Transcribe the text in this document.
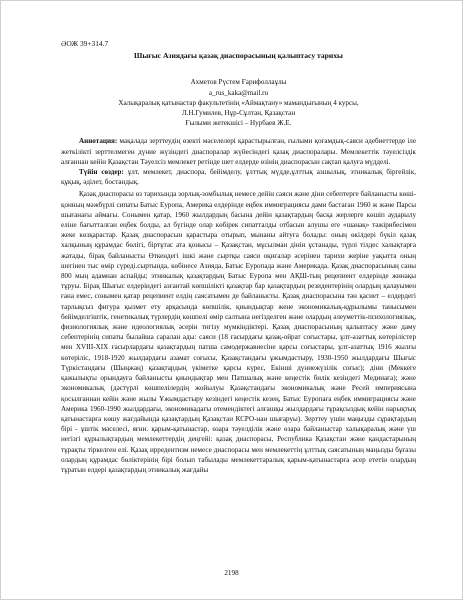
ӘОЖ 39+314.7
Шығыс Азиядағы қазақ диаспорасының қалыптасу тарихы
Ахметов Рүстем Ғарифоллаұлы
a_rus_kaka@mail.ru
Халықаралық қатынастар факультетінің «Аймақтану» мамандығының 4 курсы,
Л.Н.Гумилев, Нұр-Сұлтан, Қазақстан
Ғылыми жетекшісі – Нурбаев Ж.Е.

Аннотация: мақалада зерттеудің өзекті мәселелері қарастырылған, ғылыми қоғамдық-саяси әдебиеттерде іле жеткілікті зерттелмеген дүние жүзіндегі диаспоралар жүйесіндегі қазақ диаспоралары. Мемлекеттік тәуелсіздік алғаннан кейін Қазақстан Тәуелсіз мемлекет ретінде шет елдерде өзінің диаспорасын сақтап қалуға мүдделі.

Түйін сөздер: ұлт, мемлекет, диаспора, бейімделу, ұлттық мүдде,ұлттық азшылық, этникалық біргейлік, құқық, әділет, бостандық.

Қазақ диаспорасы өз тарихында зорлық-зомбылық немесе дейін саяси және діни себептерге байланысты көші-қонның мәжбүрлі сипаты Батыс Еуропа, Америка елдерінде еңбек иммиграциясы дами бастаған 1960 ж және Парсы шығанағы аймағы. Сонымен қатар, 1960 жылдардың басына дейін қазақтардың басқа жерлерге көшіп аударылу еліне бағытталған еңбек болды, ал бүгінде олар көбірек сипатталды отбасын алушы еге «шанақ» тәжірибесімен жеке көзқарастар. Қазақ диаспорасын қарастыра отырып, мынаны айтуға болады: оның өкілдері бүкіл қазақ халқының құрамдас бөлігі, біртұтас ата қонысы – Қазақстан, мұсылман дінін ұстанады, түрлі тілдес халықтарға жатады, бірақ байланысты Өткендегі ішкі және сыртқы саяси оқиғалар әсерінен тарихи жеріне уақытта оның шегінен тыс өмір сүреді.сыртында, көбінесе Азияда, Батыс Еуропада және Америкада. Қазақ диаспорасының саны 800 мың адамнан аспайды; этникалық қазақтардың Батыс Еуропа мен АҚШ-тың рецепиент елдерінде жинақы тұруы. Бірақ Шығыс елдеріндегі азғантай көпшілікті қазақтар бар қазақтардың резидентерінің олардың қалауымен ғана емес, сонымен қатар рецепиент елдің саясатымен де байланысты. Қазақ диаспорасына тән қасиет – елдердегі тарлықсыз фигура қызмет ету арқасында көпшілік, қиындықтар жене экономикалық-құрылымы танысымен бейімделгіштік, генетикалық түрлердің көшпелі өмір салтына негізделген және олардың әлеуметтік-психологиялық, физиологиялық және идеологиялық әсерін тигізу мүмкіндіктері. Қазақ диаспорасының қалыптасу және даму себептерінің сипаты былайша саралан ады: саяси (18 ғасырдағы қазақ-ойрат соғыстары, ұлт-азаттық көтерілістер мен XVIII-XIX ғасырлардағы қазақтардың патша самодержавиесіне қарсы соғыстары, ұлт-азаттық 1916 жылғы көтеріліс, 1918-1920 жылдардағы азамат соғысы, Қазақстандағы ұжымдастыру, 1930-1950 жылдардағы Шығыс Түркістандағы (Шыңжаң) қазақтардың үкіметке қарсы күрес, Екінші дүниежүзілік соғыс); діни (Меккеге қажылықты орындауға байланысты қиындықтар мен Патшалық және кеңестік билік кезіндегі Мединаға); және экономикалық (дәстүрлі көшпелілердің жойылуы Қазақстандағы экономикалық және Ресей империясына қосылғаннан кейін және жылы Ұжымдастыру кезіндегі кеңестік кезең, Батыс Еуропаға еңбек иммиграциясы және Америка 1960-1990 жылдардағы, экономикадағы отемендіктегі алғашқы жылдардағы тұрақсыздық кейін нарықтық қатынастарға көшу жағдайында қазақтардың Қазақстан КСРО-нан шығаруы). Зерттеу үшін маңызды сұрақтардың бірі - ұштік мәселесі, яғни. қарым-қатынастар, өзара тәуелділік және өзара байланыстар халықаралық және үш негізгі құрылықтардың мемлекеттердің деңгейі: қазақ диаспорасы, Республика Қазақстан және қандастарының тұрақты тіркелген елі. Қазақ ирредентизм немесе диаспорасы мен мемлекеттің ұлттық саясатының маңызды бұғазы олардың құрамдас бөліктерінің бірі болып табылады мемлекеттаралық қарым-қатынастарға әсер ететін олардың тұратын елдері қазақтардың этникалық жағдайы

2198
